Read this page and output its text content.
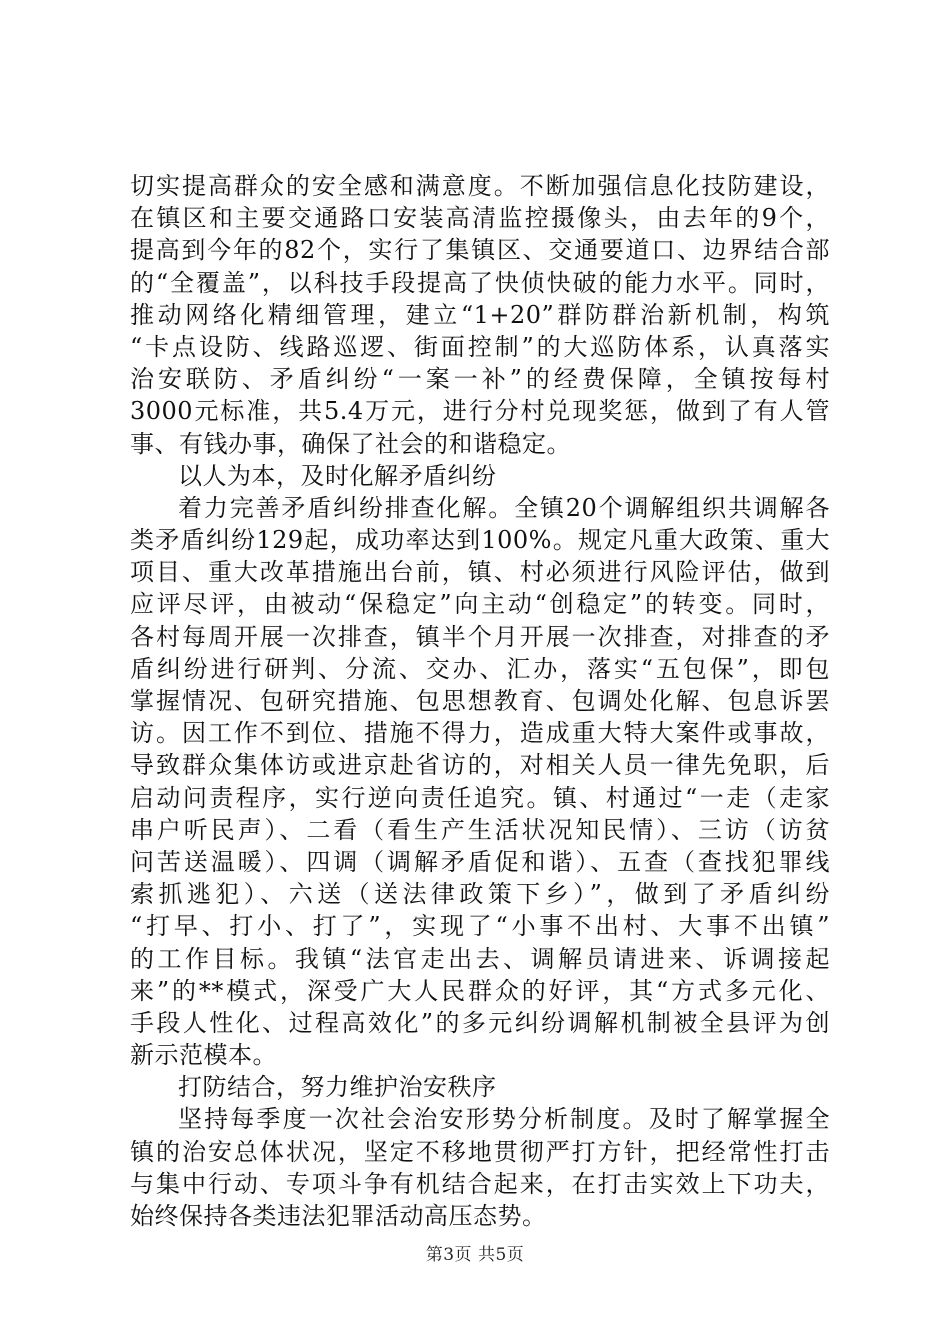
切实提高群众的安全感和满意度。不断加强信息化技防建设，
在镇区和主要交通路口安装高清监控摄像头，由去年的9个，
提高到今年的82个，实行了集镇区、交通要道口、边界结合部
的“全覆盖”，以科技手段提高了快侦快破的能力水平。同时，
推动网络化精细管理，建立“1+20”群防群治新机制，构筑
“卡点设防、线路巡逻、街面控制”的大巡防体系，认真落实
治安联防、矛盾纠纷“一案一补”的经费保障，全镇按每村
3000元标准，共5.4万元，进行分村兑现奖惩，做到了有人管
事、有钱办事，确保了社会的和谐稳定。
以人为本，及时化解矛盾纠纷
着力完善矛盾纠纷排查化解。全镇20个调解组织共调解各
类矛盾纠纷129起，成功率达到100%。规定凡重大政策、重大
项目、重大改革措施出台前，镇、村必须进行风险评估，做到
应评尽评，由被动“保稳定”向主动“创稳定”的转变。同时，
各村每周开展一次排查，镇半个月开展一次排查，对排查的矛
盾纠纷进行研判、分流、交办、汇办，落实“五包保”，即包
掌握情况、包研究措施、包思想教育、包调处化解、包息诉罢
访。因工作不到位、措施不得力，造成重大特大案件或事故，
导致群众集体访或进京赴省访的，对相关人员一律先免职，后
启动问责程序，实行逆向责任追究。镇、村通过“一走（走家
串户听民声）、二看（看生产生活状况知民情）、三访（访贫
问苦送温暖）、四调（调解矛盾促和谐）、五查（查找犯罪线
索抓逃犯）、六送（送法律政策下乡）”，做到了矛盾纠纷
“打早、打小、打了”，实现了“小事不出村、大事不出镇”
的工作目标。我镇“法官走出去、调解员请进来、诉调接起
来”的**模式，深受广大人民群众的好评，其“方式多元化、
手段人性化、过程高效化”的多元纠纷调解机制被全县评为创
新示范模本。
打防结合，努力维护治安秩序
坚持每季度一次社会治安形势分析制度。及时了解掌握全
镇的治安总体状况，坚定不移地贯彻严打方针，把经常性打击
与集中行动、专项斗争有机结合起来，在打击实效上下功夫，
始终保持各类违法犯罪活动高压态势。
第3页 共5页
